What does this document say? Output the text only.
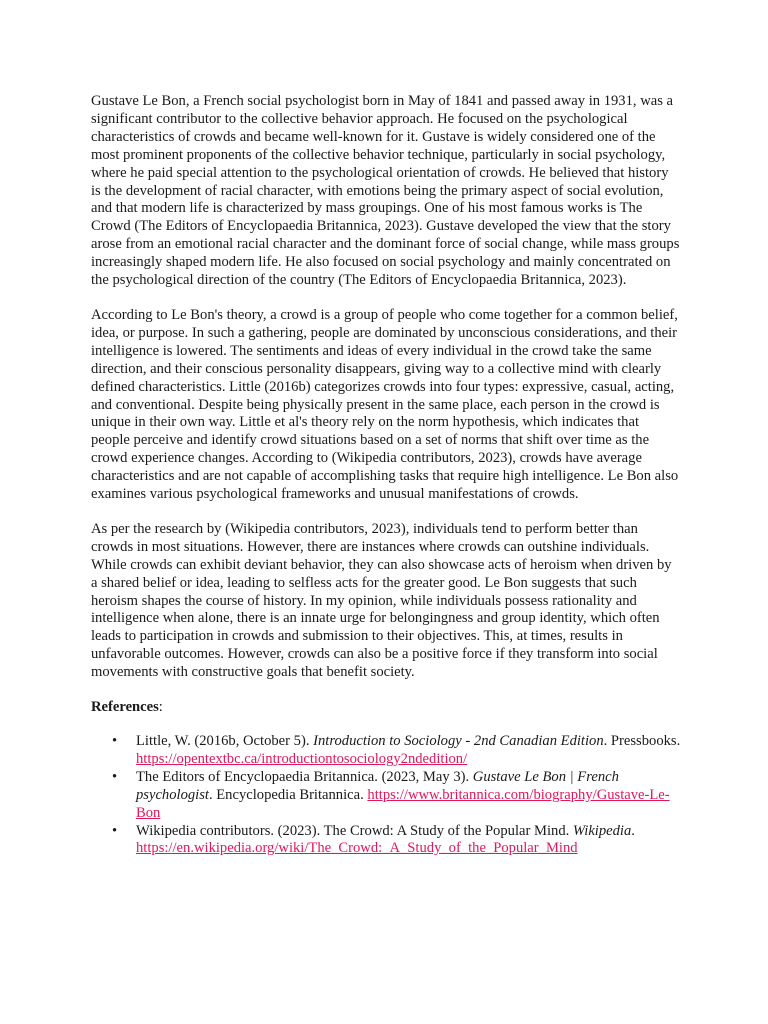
Gustave Le Bon, a French social psychologist born in May of 1841 and passed away in 1931, was a significant contributor to the collective behavior approach. He focused on the psychological characteristics of crowds and became well-known for it. Gustave is widely considered one of the most prominent proponents of the collective behavior technique, particularly in social psychology, where he paid special attention to the psychological orientation of crowds. He believed that history is the development of racial character, with emotions being the primary aspect of social evolution, and that modern life is characterized by mass groupings. One of his most famous works is The Crowd (The Editors of Encyclopaedia Britannica, 2023). Gustave developed the view that the story arose from an emotional racial character and the dominant force of social change, while mass groups increasingly shaped modern life. He also focused on social psychology and mainly concentrated on the psychological direction of the country (The Editors of Encyclopaedia Britannica, 2023).

According to Le Bon's theory, a crowd is a group of people who come together for a common belief, idea, or purpose. In such a gathering, people are dominated by unconscious considerations, and their intelligence is lowered. The sentiments and ideas of every individual in the crowd take the same direction, and their conscious personality disappears, giving way to a collective mind with clearly defined characteristics. Little (2016b) categorizes crowds into four types: expressive, casual, acting, and conventional. Despite being physically present in the same place, each person in the crowd is unique in their own way. Little et al's theory rely on the norm hypothesis, which indicates that people perceive and identify crowd situations based on a set of norms that shift over time as the crowd experience changes. According to (Wikipedia contributors, 2023), crowds have average characteristics and are not capable of accomplishing tasks that require high intelligence. Le Bon also examines various psychological frameworks and unusual manifestations of crowds.

As per the research by (Wikipedia contributors, 2023), individuals tend to perform better than crowds in most situations. However, there are instances where crowds can outshine individuals. While crowds can exhibit deviant behavior, they can also showcase acts of heroism when driven by a shared belief or idea, leading to selfless acts for the greater good. Le Bon suggests that such heroism shapes the course of history. In my opinion, while individuals possess rationality and intelligence when alone, there is an innate urge for belongingness and group identity, which often leads to participation in crowds and submission to their objectives. This, at times, results in unfavorable outcomes. However, crowds can also be a positive force if they transform into social movements with constructive goals that benefit society.

References:

• Little, W. (2016b, October 5). Introduction to Sociology - 2nd Canadian Edition. Pressbooks. https://opentextbc.ca/introductiontosociology2ndedition/
• The Editors of Encyclopaedia Britannica. (2023, May 3). Gustave Le Bon | French psychologist. Encyclopedia Britannica. https://www.britannica.com/biography/Gustave-Le-Bon
• Wikipedia contributors. (2023). The Crowd: A Study of the Popular Mind. Wikipedia. https://en.wikipedia.org/wiki/The_Crowd:_A_Study_of_the_Popular_Mind
